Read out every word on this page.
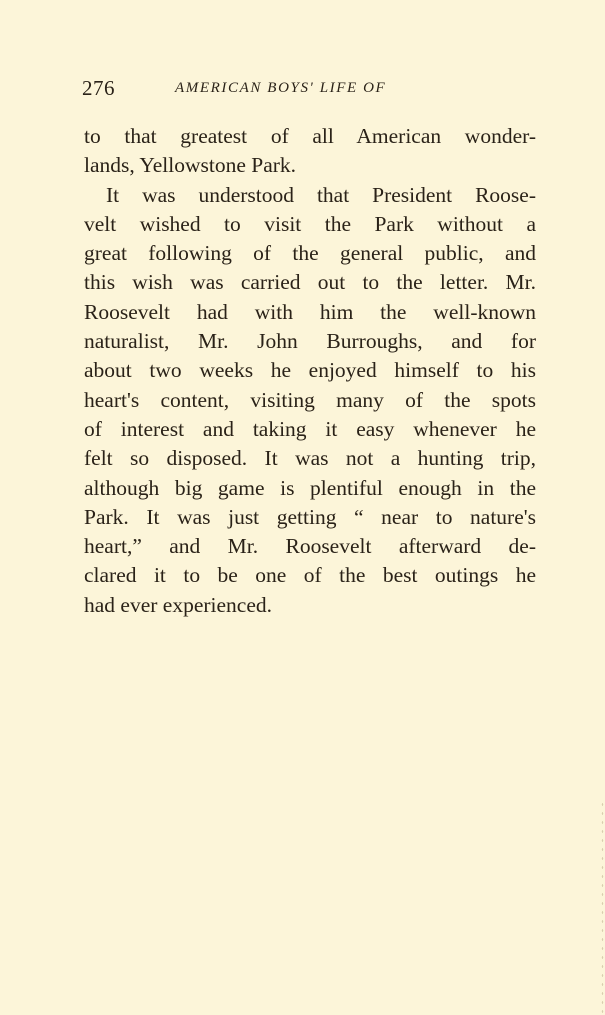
276	AMERICAN BOYS' LIFE OF
to that greatest of all American wonder-
lands, Yellowstone Park.
It was understood that President Roose-
velt wished to visit the Park without a
great following of the general public, and
this wish was carried out to the letter. Mr.
Roosevelt had with him the well-known
naturalist, Mr. John Burroughs, and for
about two weeks he enjoyed himself to his
heart's content, visiting many of the spots
of interest and taking it easy whenever he
felt so disposed. It was not a hunting trip,
although big game is plentiful enough in the
Park. It was just getting “ near to nature's
heart,” and Mr. Roosevelt afterward de-
clared it to be one of the best outings he
had ever experienced.
